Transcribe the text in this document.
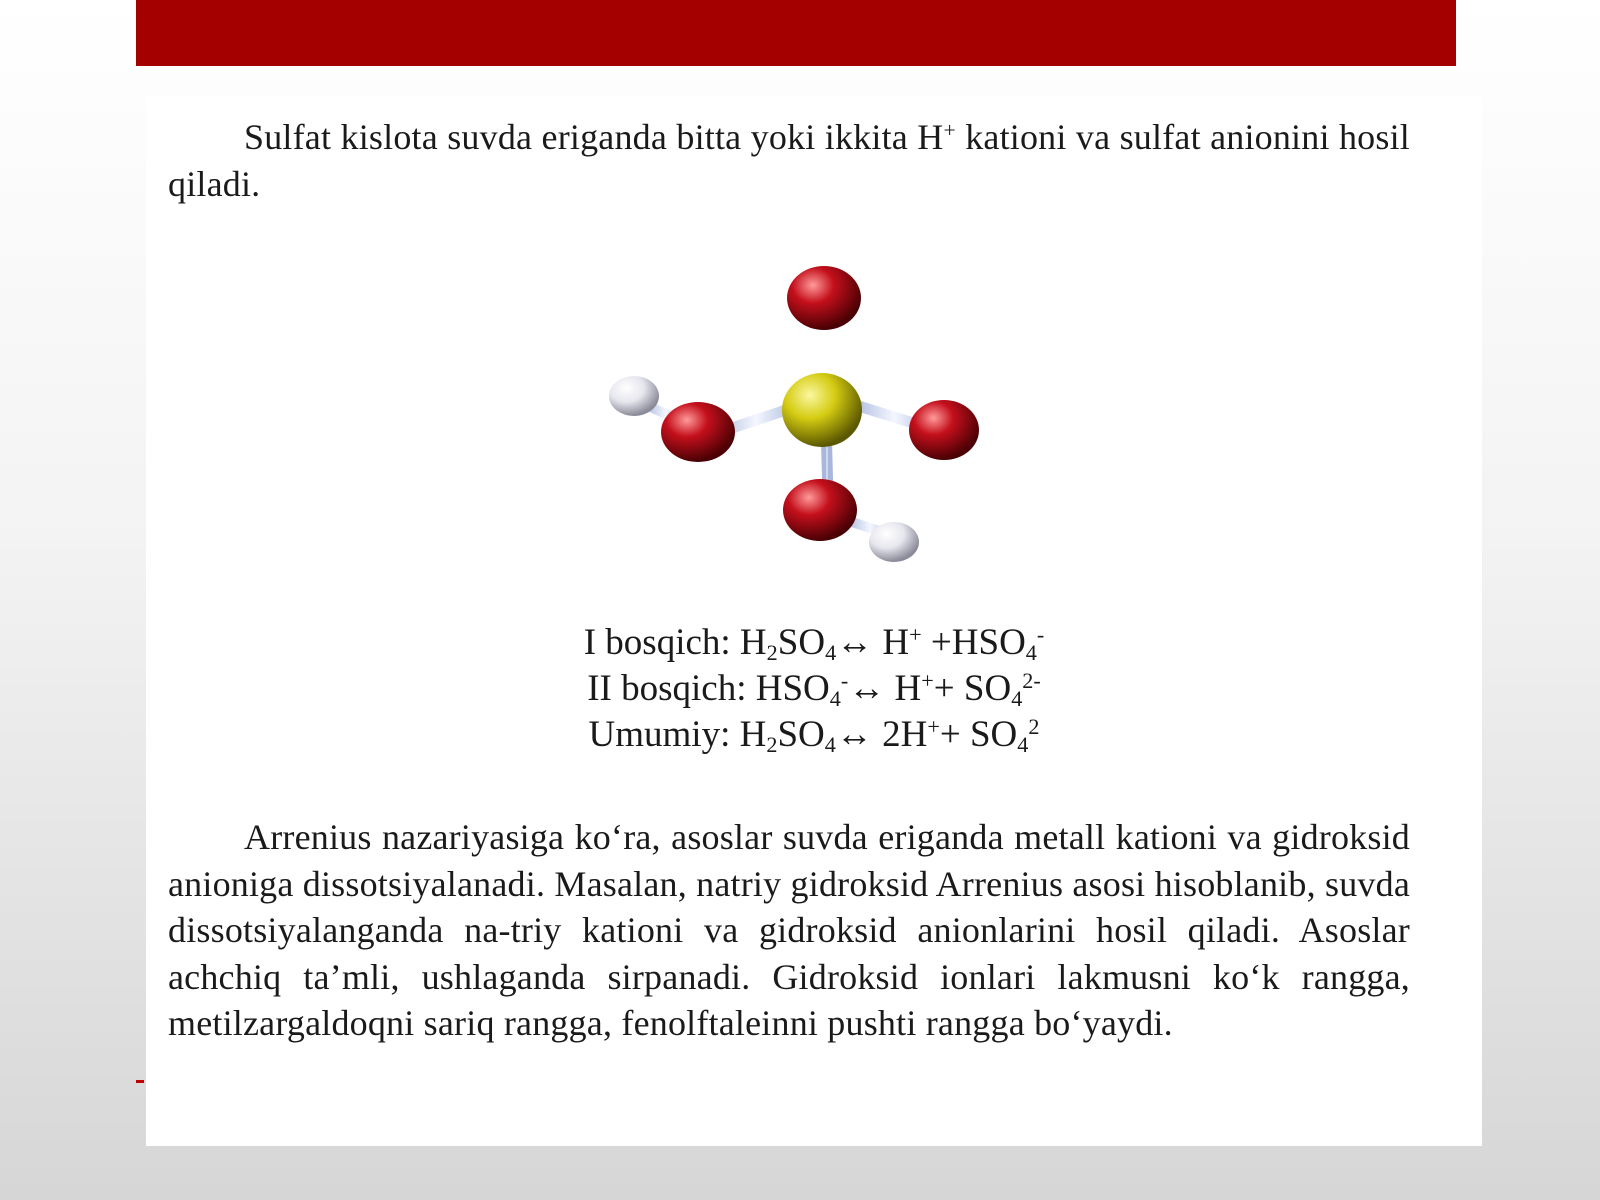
Sulfat kislota suvda eriganda bitta yoki ikkita H+ kationi va sulfat anionini hosil qiladi.

I bosqich: $H_2SO_4\leftrightarrow$ $H^+ +HSO_4^-$
II bosqich: $HSO_4^-\leftrightarrow$ $H^++ SO_4^{2-}$
Umumiy: $H_2SO_4\leftrightarrow$ $2H^++ SO_4^2$

Arrenius nazariyasiga ko‘ra, asoslar suvda eriganda metall kationi va gidroksid anioniga dissotsiyalanadi. Masalan, natriy gidroksid Arrenius asosi hisoblanib, suvda dissotsiyalanganda na-triy kationi va gidroksid anionlarini hosil qiladi. Asoslar achchiq ta’mli, ushlaganda sirpanadi. Gidroksid ionlari lakmusni ko‘k rangga, metilzargaldoqni sariq rangga, fenolftaleinni pushti rangga bo‘yaydi.
